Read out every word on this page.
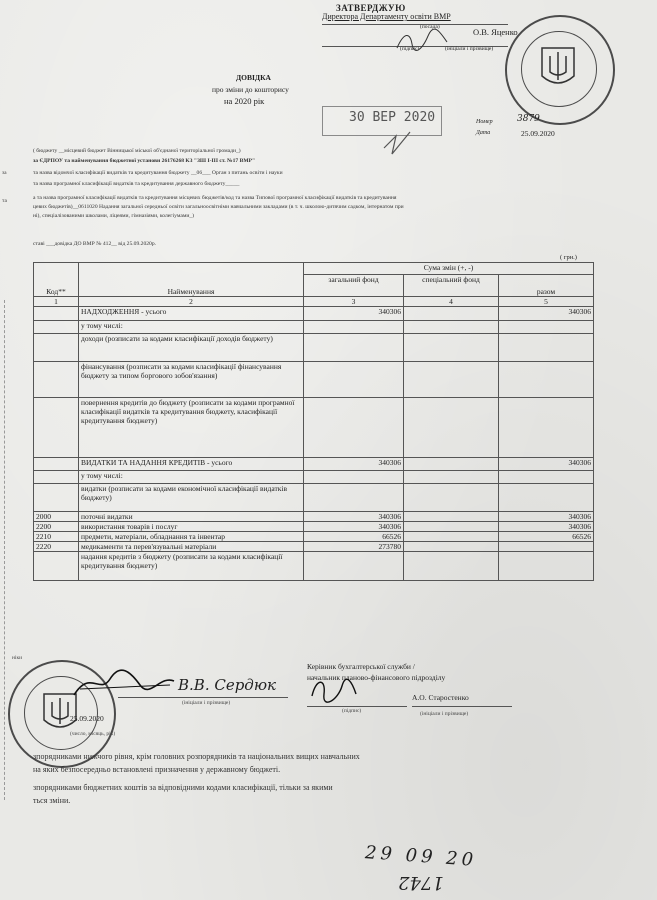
за
та
ЗАТВЕРДЖУЮ
Директора Департаменту освіти ВМР
(посада)	О.В. Яценко
(підпис)	(ініціали і прізвище)
30 ВЕР 2020
ДОВІДКА
про зміни до кошторису
на 2020 рік
Номер	3879
Дата	25.09.2020
( бюджету __місцевий бюджет Вінницької міської об'єднаної територіальної громади_)
за ЄДРПОУ та найменування бюджетної установи 26176268 КЗ "ЗШ І-ІІІ ст. №17 ВМР"
та назва відомчої класифікації видатків та кредитування бюджету __06___ Орган з питань освіти і науки
та назва програмної класифікації видатків та кредитування державного бюджету_____
а та назва програмної класифікації видатків та кредитування місцевих бюджетів/код та назва Типової програмної класифікації видатків та кредитування
цевих бюджетів)__0611020 Надання загальної середньої освіти загальноосвітніми навчальними закладами (в т. ч. школою-дитячим садком, інтернатом при
ні), спеціалізованими школами, ліцеями, гімназіями, колегіумами_)
ставі ___довідка ДО ВМР № 412__ від 25.09.2020р.
( грн.)
Код**	Найменування	Сума змін (+, -)		
		загальний фонд	спеціальний фонд	разом
1	2	3	4	5
	НАДХОДЖЕННЯ - усього	340306		340306
	у тому числі:			
	доходи (розписати за кодами класифікації доходів бюджету)			
	фінансування (розписати за кодами класифікації фінансування бюджету за типом боргового зобов'язання)			
	повернення кредитів до бюджету (розписати за кодами програмної класифікації видатків та кредитування бюджету, класифікації кредитування бюджету)			
	ВИДАТКИ ТА НАДАННЯ КРЕДИТІВ - усього	340306		340306
	у тому числі:			
	видатки (розписати за кодами економічної класифікації видатків бюджету)			
2000	поточні видатки	340306		340306
2200	використання товарів і послуг	340306		340306
2210	предмети, матеріали, обладнання та інвентар	66526		66526
2220	медикаменти та перев'язувальні матеріали	273780		
	надання кредитів з бюджету (розписати за кодами класифікації кредитування бюджету)			
ніки
В.В. Сердюк
(ініціали і прізвище)
25.09.2020
(число, місяць, рік)
Керівник бухгалтерської служби /
начальник планово-фінансового підрозділу
А.О. Старостенко
(підпис)	(ініціали і прізвище)
зпорядниками нижчого рівня, крім головних розпорядників та національних вищих навчальних
на яких безпосередньо встановлені призначення у державному бюджеті.
зпорядниками бюджетних коштів за відповідними кодами класифікації, тільки за якими
ться зміни.
29 09 20
1742
